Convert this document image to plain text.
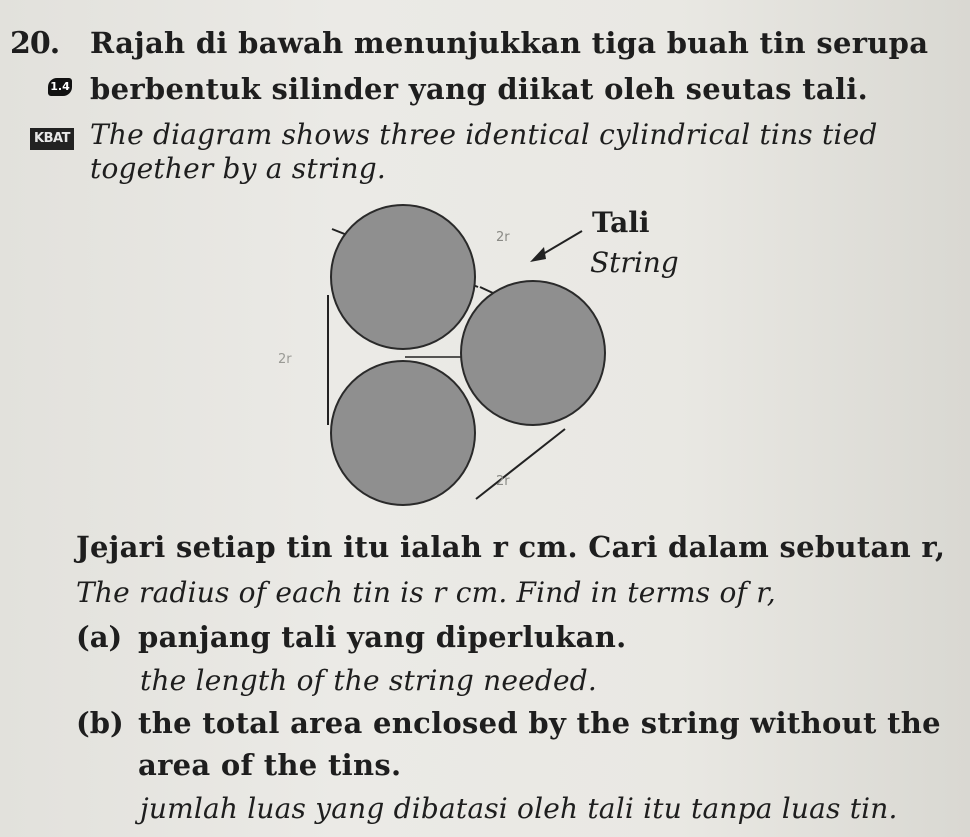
20. Rajah di bawah menunjukkan tiga buah tin serupa
1.4 berbentuk silinder yang diikat oleh seutas tali.
KBAT The diagram shows three identical cylindrical tins tied
together by a string.
2r
2r
2r
Tali
String
Jejari setiap tin itu ialah r cm. Cari dalam sebutan r,
The radius of each tin is r cm. Find in terms of r,
(a) panjang tali yang diperlukan.
the length of the string needed.
(b) the total area enclosed by the string without the
area of the tins.
jumlah luas yang dibatasi oleh tali itu tanpa luas tin.
